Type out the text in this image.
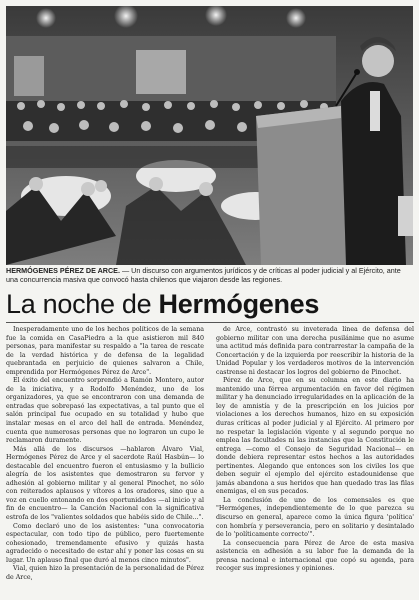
HERMÓGENES PÉREZ DE ARCE. — Un discurso con argumentos jurídicos y de críticas al poder judicial y al Ejército, ante una concurrencia masiva que convocó hasta chilenos que viajaron desde las regiones.
La noche de Hermógenes

Inesperadamente uno de los hechos políticos de la semana fue la comida en CasaPiedra a la que asistieron mil 840 personas, para manifestar su respaldo a "la tarea de rescate de la verdad histórica y de defensa de la legalidad quebrantada en perjuicio de quienes salvaron a Chile, emprendida por Hermógenes Pérez de Arce".

El éxito del encuentro sorprendió a Ramón Montero, autor de la iniciativa, y a Rodolfo Menéndez, uno de los organizadores, ya que se encontraron con una demanda de entradas que sobrepasó las expectativas, a tal punto que el salón principal fue ocupado en su totalidad y hubo que instalar mesas en el arco del hall de entrada. Menéndez, cuenta que numerosas personas que no lograron un cupo le reclamaron duramente.

Más allá de los discursos —hablaron Álvaro Vial, Hermógenes Pérez de Arce y el sacerdote Raúl Hasbún— lo destacable del encuentro fueron el entusiasmo y la bullicio alegría de los asistentes que demostraron su fervor y adhesión al gobierno militar y al general Pinochet, no sólo con reiterados aplausos y vítores a los oradores, sino que a voz en cuello entonando en dos oportunidades —al inicio y al fin de encuentro— la Canción Nacional con la significativa estrofa de los "valientes soldados que habéis sido de Chile...".

Como declaró uno de los asistentes: "una convocatoria espectacular, con todo tipo de público, pero fuertemente cohesionado, tremendamente efusivo y quizás hasta agradecido o necesitado de estar ahí y poner las cosas en su lugar. Un aplauso final que duró al menos cinco minutos".

Vial, quien hizo la presentación de la personalidad de Pérez de Arce,

de Arce, contrastó su inveterada línea de defensa del gobierno militar con una derecha pusilánime que no asume una actitud más definida para contrarrestar la campaña de la Concertación y de la izquierda por reescribir la historia de la Unidad Popular y los verdaderos motivos de la intervención castrense ni destacar los logros del gobierno de Pinochet.

Pérez de Arce, que en su columna en este diario ha mantenido una férrea argumentación en favor del régimen militar y ha denunciado irregularidades en la aplicación de la ley de amnistía y de la prescripción en los juicios por violaciones a los derechos humanos, hizo en su exposición duras críticas al poder judicial y al Ejército. Al primero por no respetar la legislación vigente y al segundo porque no emplea las facultades ni las instancias que la Constitución le entrega —como el Consejo de Seguridad Nacional— en donde debiera representar estos hechos a las autoridades pertinentes. Alegando que entonces son los civiles los que deben seguir el ejemplo del ejército estadounidense que jamás abandona a sus heridos que han quedado tras las filas enemigas, el en sus pecados.

La conclusión de uno de los comensales es que "Hermógenes, independientemente de lo que parezca su discurso en general, aparece como la única figura 'política' con hombría y perseverancia, pero en solitario y desintalado de lo 'políticamente correcto'".

La consecuencia para Pérez de Arce de esta masiva asistencia en adhesión a su labor fue la demanda de la prensa nacional e internacional que copó su agenda, para recoger sus impresiones y opiniones.
